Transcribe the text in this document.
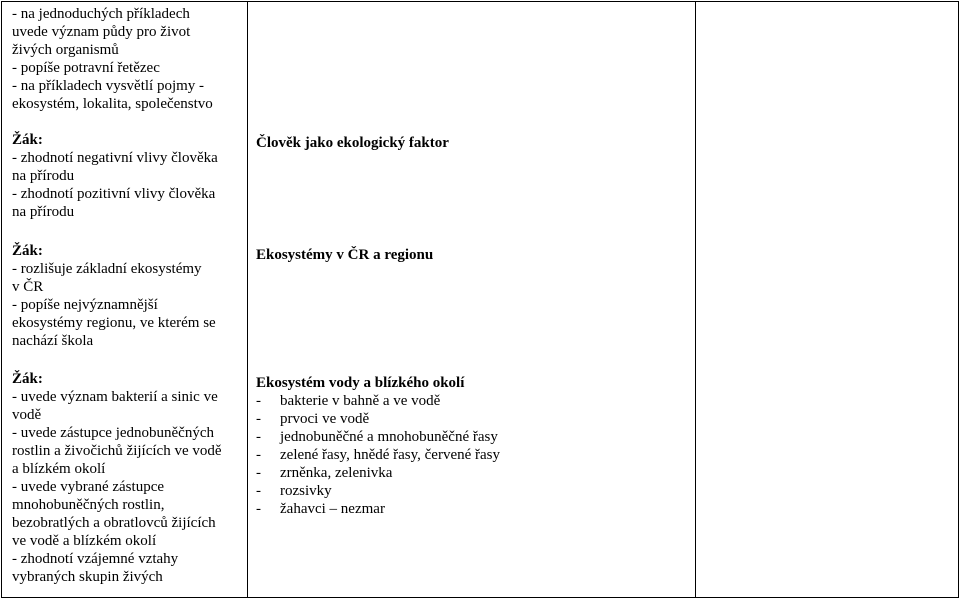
- na jednoduchých příkladech
uvede význam půdy pro život
živých organismů
- popíše potravní řetězec
- na příkladech vysvětlí pojmy -
ekosystém, lokalita, společenstvo
Žák:
- zhodnotí negativní vlivy člověka
na přírodu
- zhodnotí pozitivní vlivy člověka
na přírodu
Žák:
- rozlišuje základní ekosystémy
v ČR
- popíše nejvýznamnější
ekosystémy regionu, ve kterém se
nachází škola
Žák:
- uvede význam bakterií a sinic ve
vodě
- uvede zástupce jednobuněčných
rostlin a živočichů žijících ve vodě
a blízkém okolí
- uvede vybrané zástupce
mnohobuněčných rostlin,
bezobratlých a obratlovců žijících
ve vodě a blízkém okolí
- zhodnotí vzájemné vztahy
vybraných skupin živých
Člověk jako ekologický faktor
Ekosystémy v ČR a regionu
Ekosystém vody a blízkého okolí
- bakterie v bahně a ve vodě
- prvoci ve vodě
- jednobuněčné a mnohobuněčné řasy
- zelené řasy, hnědé řasy, červené řasy
- zrněnka, zelenivka
- rozsivky
- žahavci – nezmar
